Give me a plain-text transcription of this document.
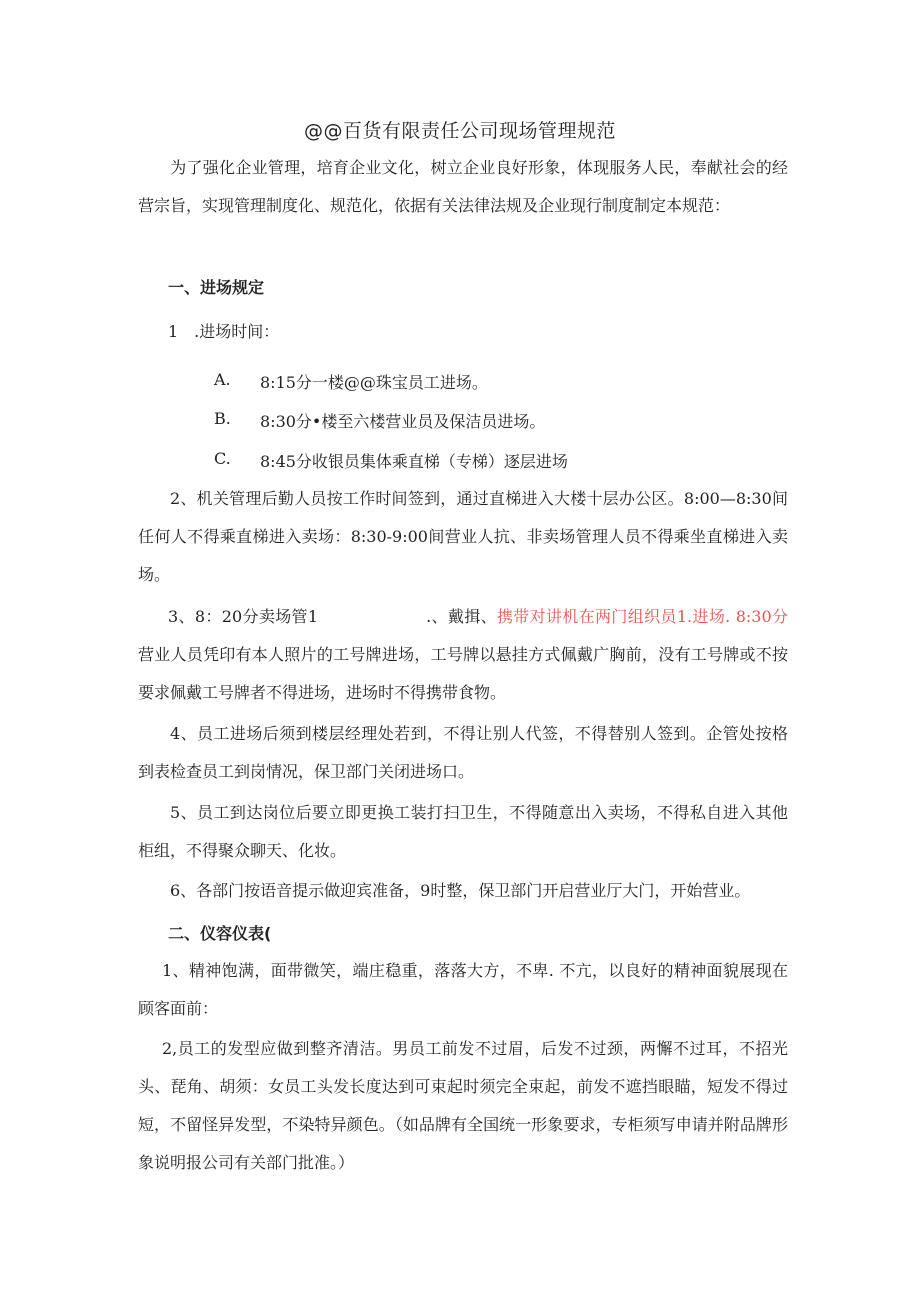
@@百货有限责任公司现场管理规范
为了强化企业管理，培育企业文化，树立企业良好形象，体现服务人民，奉献社会的经营宗旨，实现管理制度化、规范化，依据有关法律法规及企业现行制度制定本规范：
一、进场规定
1　.进场时间：
A. 8:15分一楼@@珠宝员工进场。
B. 8:30分•楼至六楼营业员及保洁员进场。
C. 8:45分收银员集体乘直梯（专梯）逐层进场
2、机关管理后勤人员按工作时间签到，通过直梯进入大楼十层办公区。8:00—8:30间任何人不得乘直梯进入卖场：8:30-9:00间营业人抗、非卖场管理人员不得乘坐直梯进入卖场。
3、8：20分卖场管1	.、戴揖、携带对讲机在两门组织员1.进场. 8:30分营业人员凭印有本人照片的工号牌进场，工号牌以悬挂方式佩戴广胸前，没有工号牌或不按要求佩戴工号牌者不得进场，进场时不得携带食物。
4、员工进场后须到楼层经理处若到，不得让别人代签，不得替别人签到。企管处按格到表检查员工到岗情况，保卫部门关闭进场口。
5、员工到达岗位后要立即更换工装打扫卫生，不得随意出入卖场，不得私自进入其他柜组，不得聚众聊天、化妆。
6、各部门按语音提示做迎宾准备，9时整，保卫部门开启营业厅大门，开始营业。
二、仪容仪表(
1、精神饱满，面带微笑，端庄稳重，落落大方，不卑. 不亢，以良好的精神面貌展现在顾客面前：
2,员工的发型应做到整齐清洁。男员工前发不过眉，后发不过颈，两懈不过耳，不招光头、琵角、胡须：女员工头发长度达到可束起时须完全束起，前发不遮挡眼瞄，短发不得过短，不留怪异发型，不染特异颜色。（如品牌有全国统一形象要求，专柜须写申请并附品牌形象说明报公司有关部门批准。）
